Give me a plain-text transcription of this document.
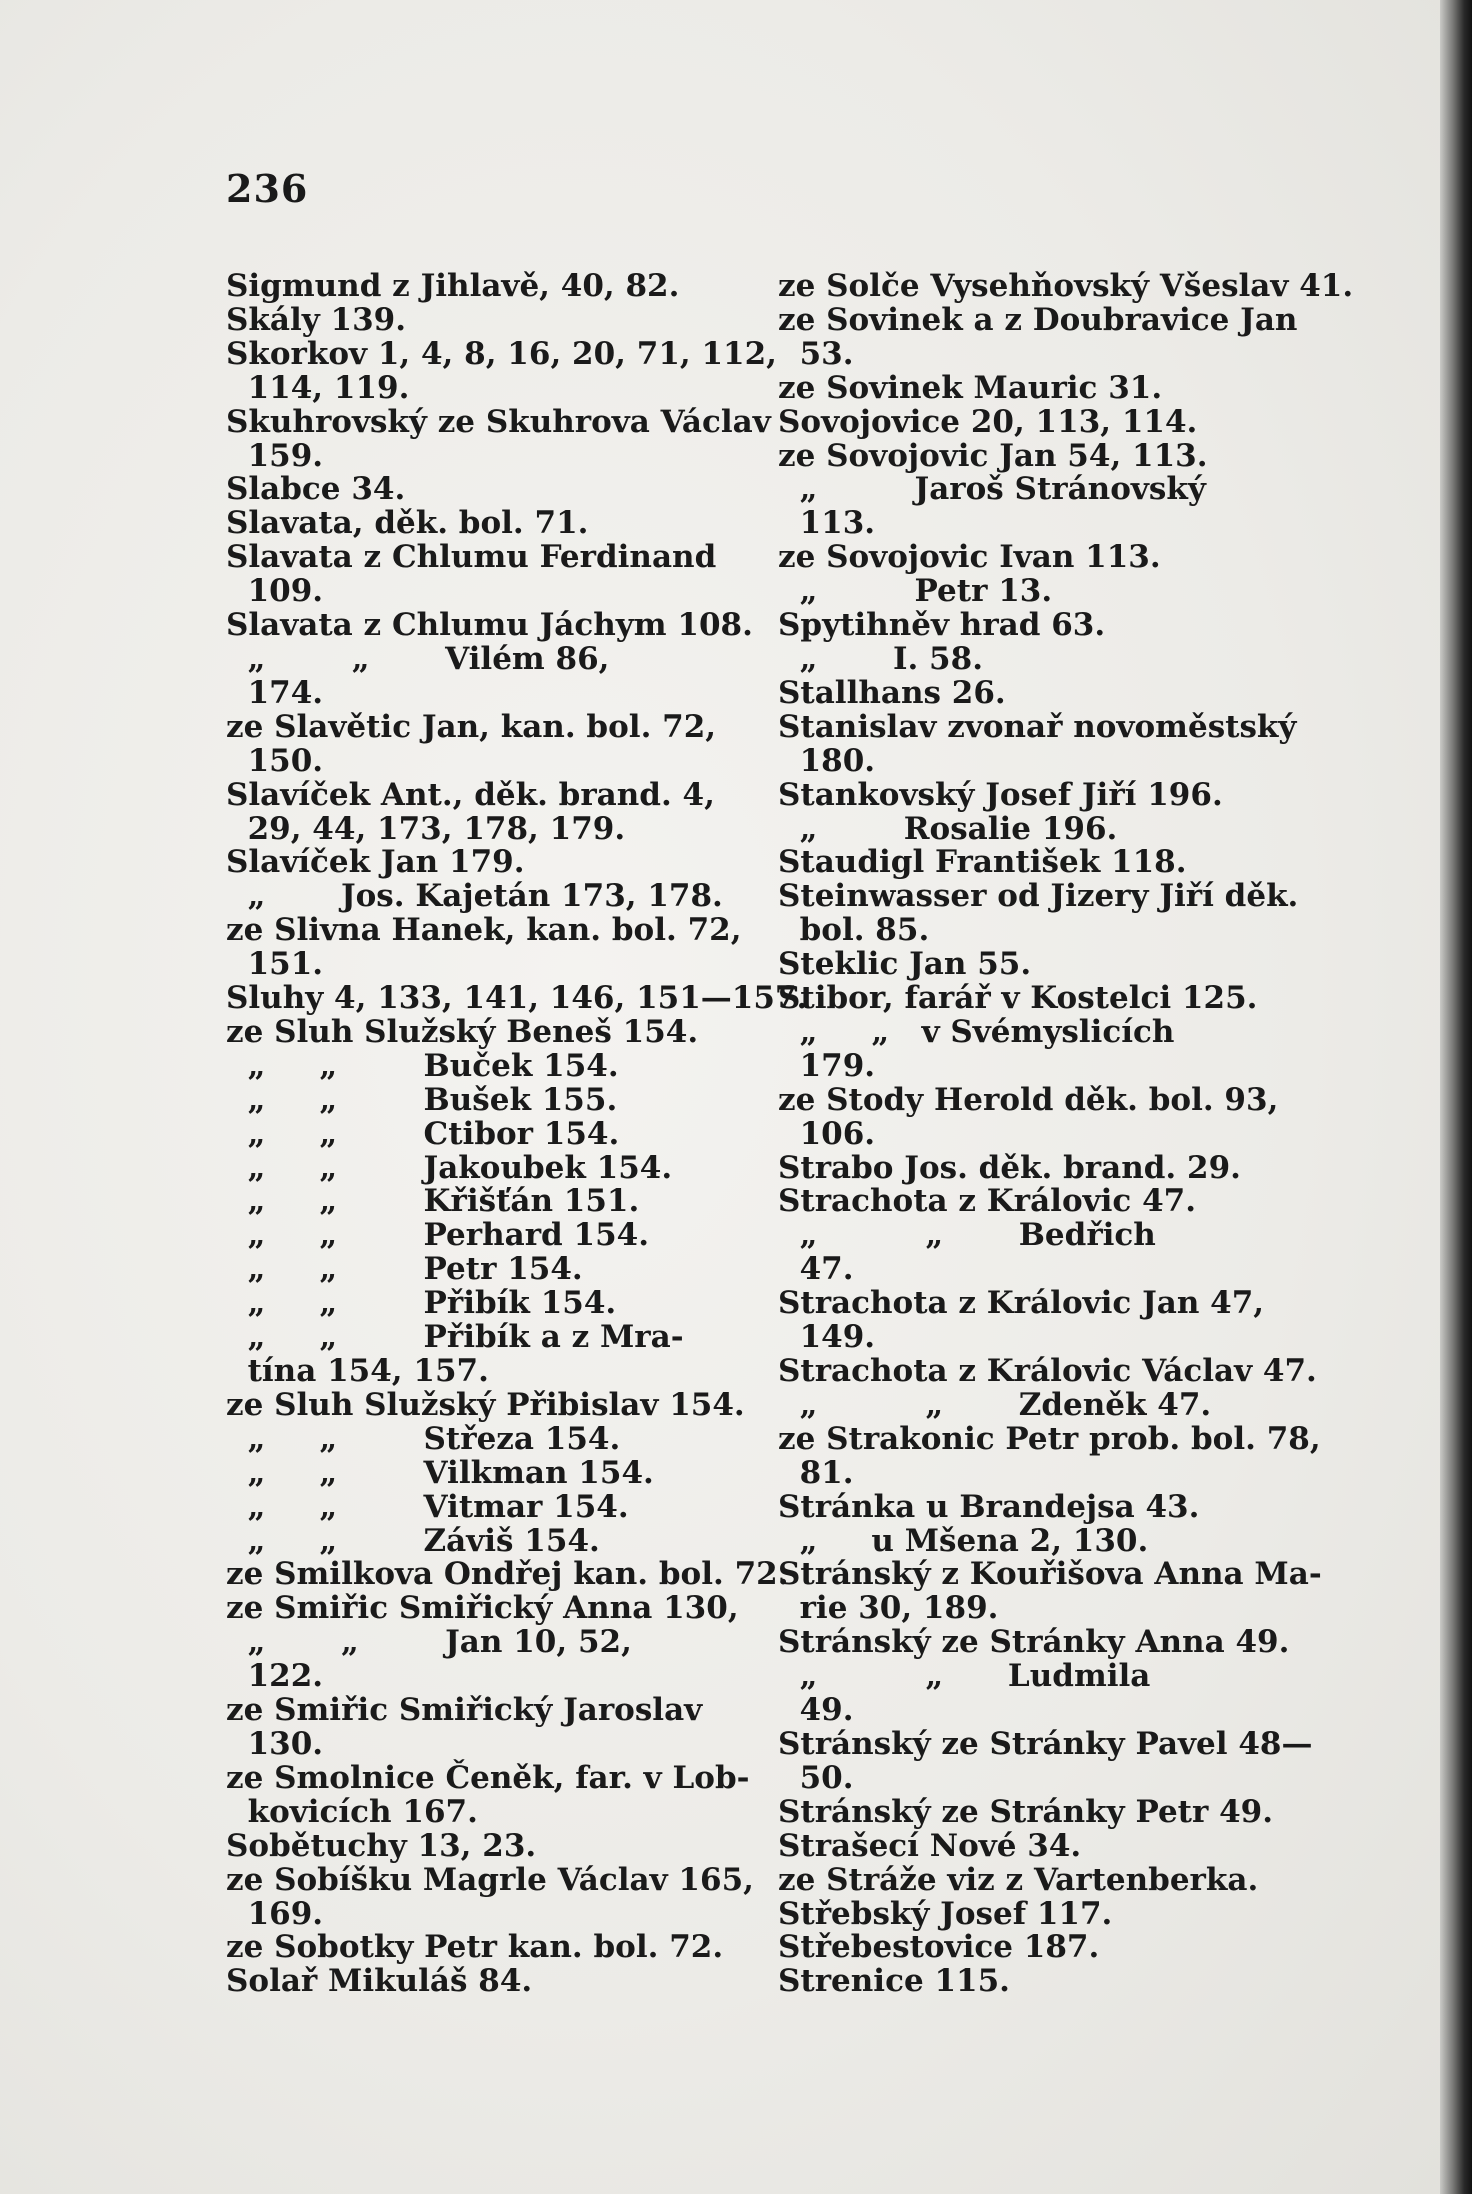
236
Sigmund z Jihlavě, 40, 82.
Skály 139.
Skorkov 1, 4, 8, 16, 20, 71, 112,
114, 119.
Skuhrovský ze Skuhrova Václav
159.
Slabce 34.
Slavata, děk. bol. 71.
Slavata z Chlumu Ferdinand
109.
Slavata z Chlumu Jáchym 108.
„        „       Vilém 86,
174.
ze Slavětic Jan, kan. bol. 72,
150.
Slavíček Ant., děk. brand. 4,
29, 44, 173, 178, 179.
Slavíček Jan 179.
„       Jos. Kajetán 173, 178.
ze Slivna Hanek, kan. bol. 72,
151.
Sluhy 4, 133, 141, 146, 151—157.
ze Sluh Služský Beneš 154.
„     „        Buček 154.
„     „        Bušek 155.
„     „        Ctibor 154.
„     „        Jakoubek 154.
„     „        Křišťán 151.
„     „        Perhard 154.
„     „        Petr 154.
„     „        Přibík 154.
„     „        Přibík a z Mra-
tína 154, 157.
ze Sluh Služský Přibislav 154.
„     „        Střeza 154.
„     „        Vilkman 154.
„     „        Vitmar 154.
„     „        Záviš 154.
ze Smilkova Ondřej kan. bol. 72.
ze Smiřic Smiřický Anna 130,
„       „        Jan 10, 52,
122.
ze Smiřic Smiřický Jaroslav
130.
ze Smolnice Čeněk, far. v Lob-
kovicích 167.
Sobětuchy 13, 23.
ze Sobíšku Magrle Václav 165,
169.
ze Sobotky Petr kan. bol. 72.
Solař Mikuláš 84.
ze Solče Vysehňovský Všeslav 41.
ze Sovinek a z Doubravice Jan
53.
ze Sovinek Mauric 31.
Sovojovice 20, 113, 114.
ze Sovojovic Jan 54, 113.
„         Jaroš Stránovský
113.
ze Sovojovic Ivan 113.
„         Petr 13.
Spytihněv hrad 63.
„       I. 58.
Stallhans 26.
Stanislav zvonař novoměstský
180.
Stankovský Josef Jiří 196.
„        Rosalie 196.
Staudigl František 118.
Steinwasser od Jizery Jiří děk.
bol. 85.
Steklic Jan 55.
Stibor, farář v Kostelci 125.
„     „   v Svémyslicích
179.
ze Stody Herold děk. bol. 93,
106.
Strabo Jos. děk. brand. 29.
Strachota z Královic 47.
„          „       Bedřich
47.
Strachota z Královic Jan 47,
149.
Strachota z Královic Václav 47.
„          „       Zdeněk 47.
ze Strakonic Petr prob. bol. 78,
81.
Stránka u Brandejsa 43.
„     u Mšena 2, 130.
Stránský z Kouřišova Anna Ma-
rie 30, 189.
Stránský ze Stránky Anna 49.
„          „      Ludmila
49.
Stránský ze Stránky Pavel 48—
50.
Stránský ze Stránky Petr 49.
Strašecí Nové 34.
ze Stráže viz z Vartenberka.
Střebský Josef 117.
Střebestovice 187.
Strenice 115.
